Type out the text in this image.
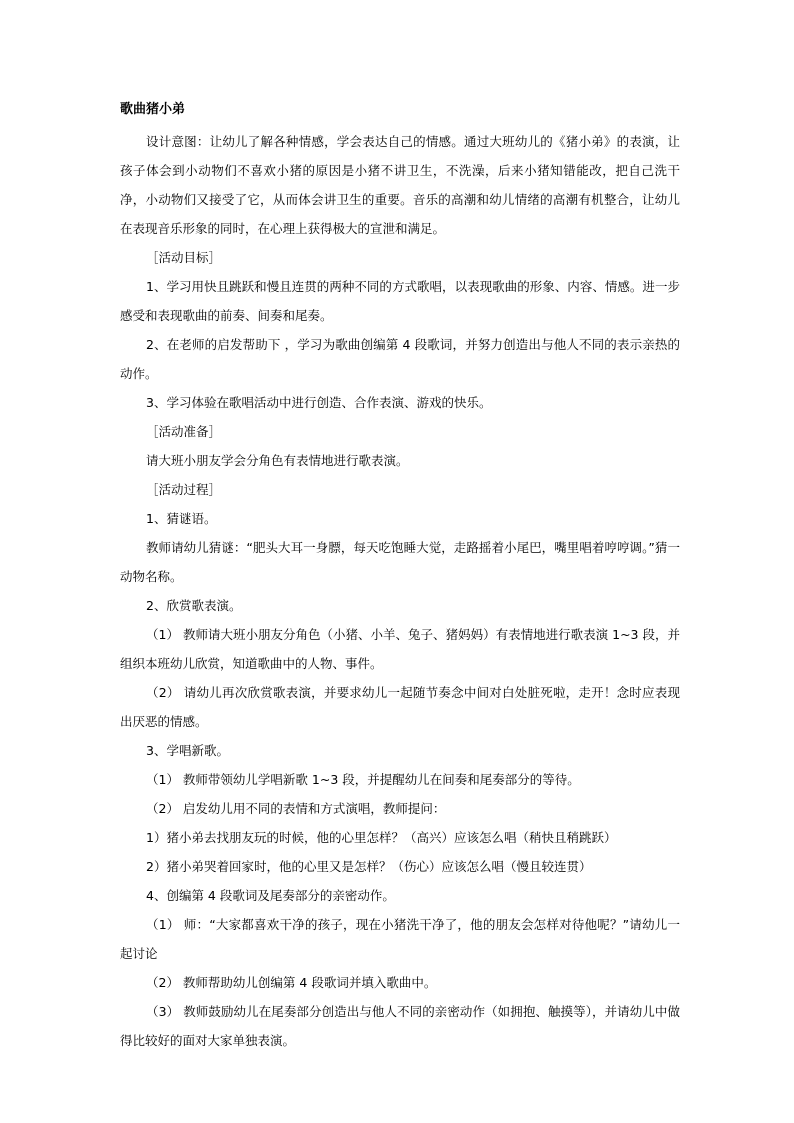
歌曲猪小弟

设计意图：让幼儿了解各种情感，学会表达自己的情感。通过大班幼儿的《猪小弟》的表演，让孩子体会到小动物们不喜欢小猪的原因是小猪不讲卫生，不洗澡，后来小猪知错能改，把自己洗干净，小动物们又接受了它，从而体会讲卫生的重要。音乐的高潮和幼儿情绪的高潮有机整合，让幼儿在表现音乐形象的同时，在心理上获得极大的宣泄和满足。

［活动目标］

1、学习用快且跳跃和慢且连贯的两种不同的方式歌唱，以表现歌曲的形象、内容、情感。进一步感受和表现歌曲的前奏、间奏和尾奏。

2、在老师的启发帮助下 ，学习为歌曲创编第 4 段歌词，并努力创造出与他人不同的表示亲热的动作。

3、学习体验在歌唱活动中进行创造、合作表演、游戏的快乐。

［活动准备］

请大班小朋友学会分角色有表情地进行歌表演。

［活动过程］

1、猜谜语。

教师请幼儿猜谜：“肥头大耳一身膘，每天吃饱睡大觉，走路摇着小尾巴，嘴里唱着哼哼调。”猜一动物名称。

2、欣赏歌表演。

（1） 教师请大班小朋友分角色（小猪、小羊、兔子、猪妈妈）有表情地进行歌表演 1~3 段，并组织本班幼儿欣赏，知道歌曲中的人物、事件。

（2） 请幼儿再次欣赏歌表演，并要求幼儿一起随节奏念中间对白处脏死啦，走开！念时应表现出厌恶的情感。

3、学唱新歌。

（1） 教师带领幼儿学唱新歌 1~3 段，并提醒幼儿在间奏和尾奏部分的等待。

（2） 启发幼儿用不同的表情和方式演唱，教师提问：

1）猪小弟去找朋友玩的时候，他的心里怎样？（高兴）应该怎么唱（稍快且稍跳跃）

2）猪小弟哭着回家时，他的心里又是怎样？（伤心）应该怎么唱（慢且较连贯）

4、创编第 4 段歌词及尾奏部分的亲密动作。

（1） 师：“大家都喜欢干净的孩子，现在小猪洗干净了，他的朋友会怎样对待他呢？”请幼儿一起讨论

（2） 教师帮助幼儿创编第 4 段歌词并填入歌曲中。

（3） 教师鼓励幼儿在尾奏部分创造出与他人不同的亲密动作（如拥抱、触摸等），并请幼儿中做得比较好的面对大家单独表演。
